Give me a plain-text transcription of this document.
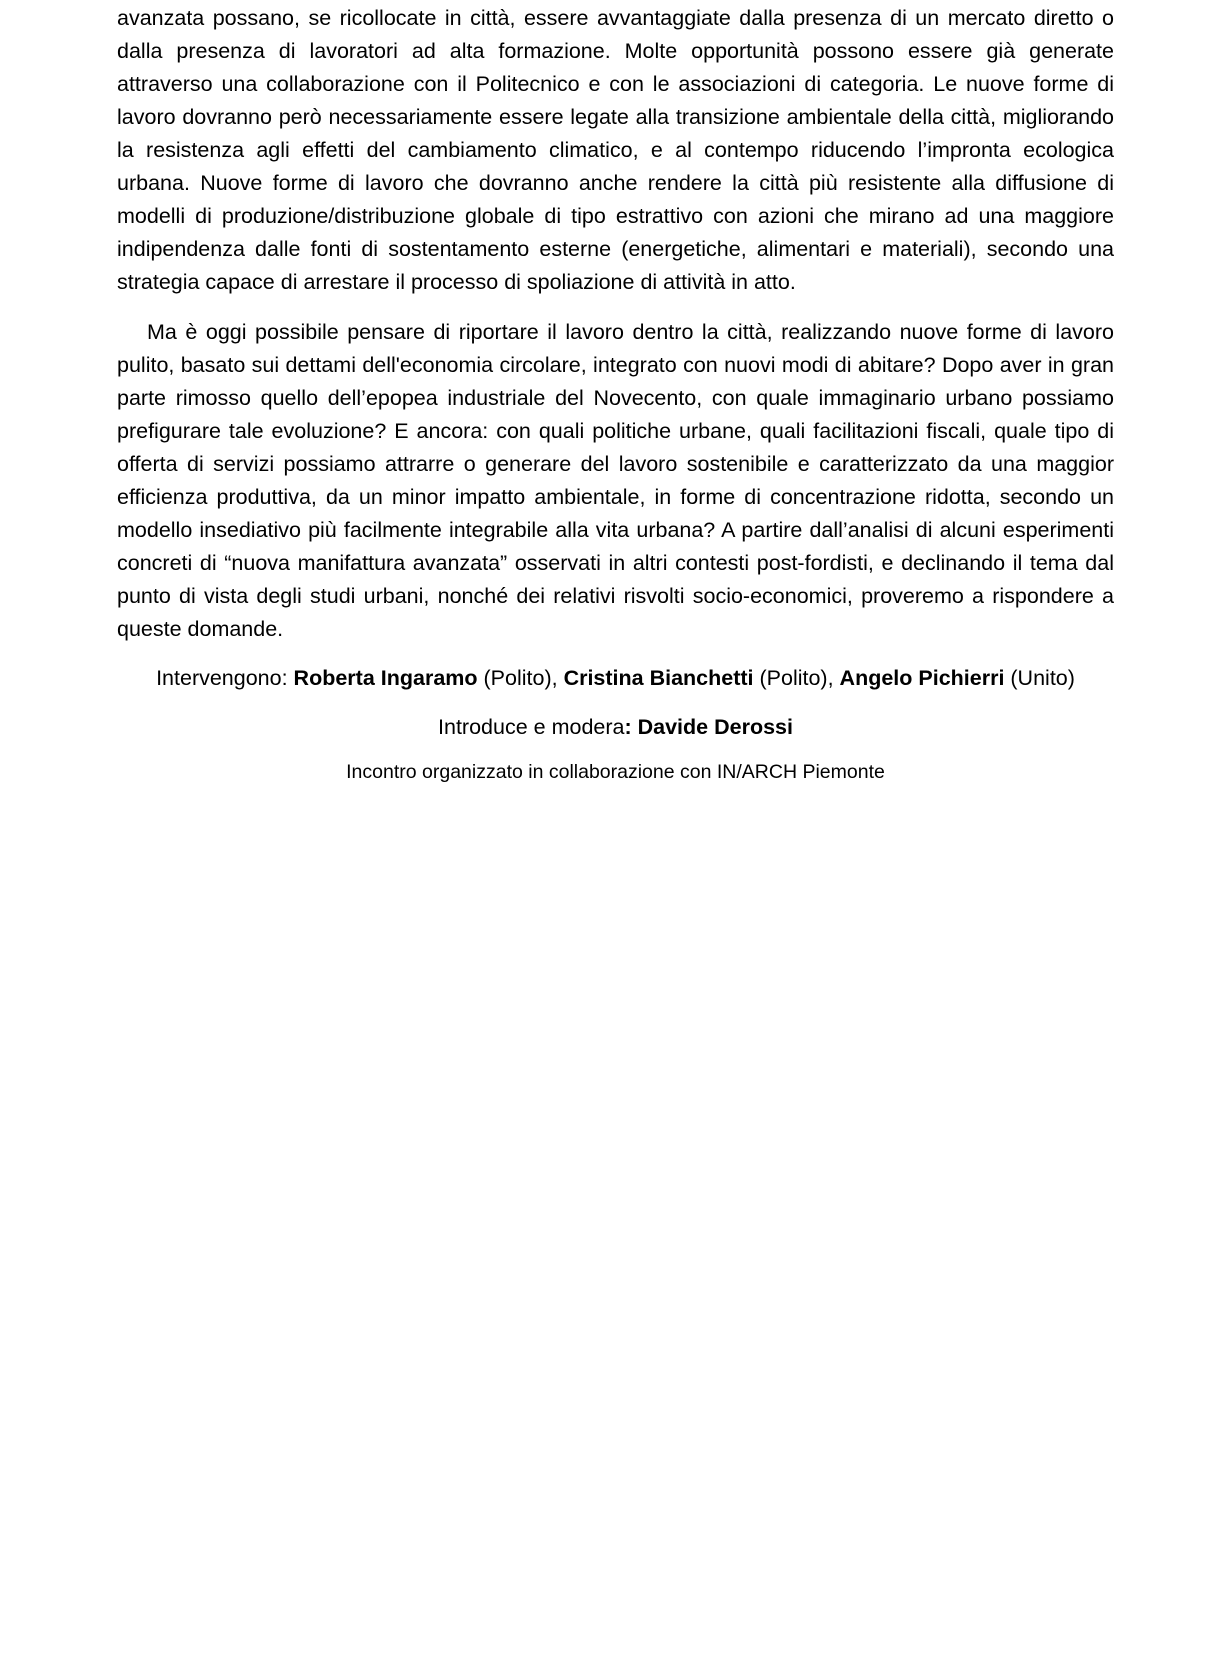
avanzata possano, se ricollocate in città, essere avvantaggiate dalla presenza di un mercato diretto o dalla presenza di lavoratori ad alta formazione. Molte opportunità possono essere già generate attraverso una collaborazione con il Politecnico e con le associazioni di categoria. Le nuove forme di lavoro dovranno però necessariamente essere legate alla transizione ambientale della città, migliorando la resistenza agli effetti del cambiamento climatico, e al contempo riducendo l’impronta ecologica urbana. Nuove forme di lavoro che dovranno anche rendere la città più resistente alla diffusione di modelli di produzione/distribuzione globale di tipo estrattivo con azioni che mirano ad una maggiore indipendenza dalle fonti di sostentamento esterne (energetiche, alimentari e materiali), secondo una strategia capace di arrestare il processo di spoliazione di attività in atto.

Ma è oggi possibile pensare di riportare il lavoro dentro la città, realizzando nuove forme di lavoro pulito, basato sui dettami dell'economia circolare, integrato con nuovi modi di abitare? Dopo aver in gran parte rimosso quello dell’epopea industriale del Novecento, con quale immaginario urbano possiamo prefigurare tale evoluzione? E ancora: con quali politiche urbane, quali facilitazioni fiscali, quale tipo di offerta di servizi possiamo attrarre o generare del lavoro sostenibile e caratterizzato da una maggior efficienza produttiva, da un minor impatto ambientale, in forme di concentrazione ridotta, secondo un modello insediativo più facilmente integrabile alla vita urbana? A partire dall’analisi di alcuni esperimenti concreti di “nuova manifattura avanzata” osservati in altri contesti post-fordisti, e declinando il tema dal punto di vista degli studi urbani, nonché dei relativi risvolti socio-economici, proveremo a rispondere a queste domande.

Intervengono: Roberta Ingaramo (Polito), Cristina Bianchetti (Polito), Angelo Pichierri (Unito)

Introduce e modera: Davide Derossi

Incontro organizzato in collaborazione con IN/ARCH Piemonte
